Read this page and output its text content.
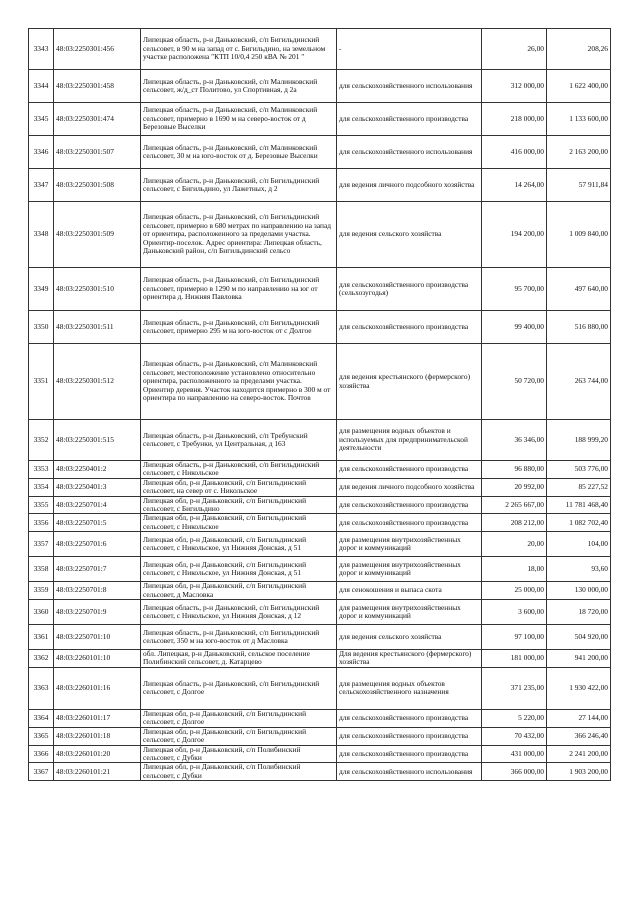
3343	48:03:2250301:456	Липецкая область, р-н Даньковский, с/п Бигильдинский сельсовет, в 90 м на запад от с. Бигильдино, на земельном участке расположена "КТП 10/0,4 250 кВА № 201 "	-	26,00	208,26
3344	48:03:2250301:458	Липецкая область, р-н Даньковский, с/п Малинковский сельсовет, ж/д_ст Политово, ул Спортивная, д 2а	для сельскохозяйственного использования	312 000,00	1 622 400,00
3345	48:03:2250301:474	Липецкая область, р-н Даньковский, с/п Малинковский сельсовет, примерно в 1690 м на северо-восток от д Березовые Выселки	для сельскохозяйственного производства	218 000,00	1 133 600,00
3346	48:03:2250301:507	Липецкая область, р-н Даньковский, с/п Малинковский сельсовет, 30 м на юго-восток от д. Березовые Выселки	для сельскохозяйственного использования	416 000,00	2 163 200,00
3347	48:03:2250301:508	Липецкая область, р-н Даньковский, с/п Бигильдинский сельсовет, с Бигильдино, ул Лажетных, д 2	для ведения личного подсобного хозяйства	14 264,00	57 911,84
3348	48:03:2250301:509	Липецкая область, р-н Даньковский, с/п Бигильдинский сельсовет, примерно в 680 метрах по направлению на запад от ориентира, расположенного за пределами участка. Ориентир-поселок. Адрес ориентира: Липецкая область, Даньковский район, с/п Бигильдинский сельсо	для ведения сельского хозяйства	194 200,00	1 009 840,00
3349	48:03:2250301:510	Липецкая область, р-н Даньковский, с/п Бигильдинский сельсовет, примерно в 1290 м по направлению на юг от ориентира д. Нижняя Павловка	для сельскохозяйственного производства (сельхозугодья)	95 700,00	497 640,00
3350	48:03:2250301:511	Липецкая область, р-н Даньковский, с/п Бигильдинский сельсовет, примерно 295 м на юго-восток от с Долгое	для сельскохозяйственного производства	99 400,00	516 880,00
3351	48:03:2250301:512	Липецкая область, р-н Даньковский, с/п Малинковский сельсовет, местоположение установлено относительно ориентира, расположенного за пределами участка. Ориентир деревня. Участок находится примерно в 300 м от ориентира по направлению на северо-восток. Почтов	для ведения крестьянского (фермерского) хозяйства	50 720,00	263 744,00
3352	48:03:2250301:515	Липецкая область, р-н Даньковский, с/п Требунский сельсовет, с Требунки, ул Центральная, д 163	для размещения водных объектов и используемых для предпринимательской деятельности	36 346,00	188 999,20
3353	48:03:2250401:2	Липецкая область, р-н Даньковский, с/п Бигильдинский сельсовет, с Никольское	для сельскохозяйственного производства	96 880,00	503 776,00
3354	48:03:2250401:3	Липецкая обл, р-н Даньковский, с/п Бигильдинский сельсовет, на север от с. Никольское	для ведения личного подсобного хозяйства	20 992,00	85 227,52
3355	48:03:2250701:4	Липецкая обл, р-н Даньковский, с/п Бигильдинский сельсовет, с Бигильдино	для сельскохозяйственного производства	2 265 667,00	11 781 468,40
3356	48:03:2250701:5	Липецкая обл, р-н Даньковский, с/п Бигильдинский сельсовет, с Никольское	для сельскохозяйственного производства	208 212,00	1 082 702,40
3357	48:03:2250701:6	Липецкая обл, р-н Даньковский, с/п Бигильдинский сельсовет, с Никольское, ул Нижняя Донская, д 51	для размещения внутрихозяйственных дорог и коммуникаций	20,00	104,00
3358	48:03:2250701:7	Липецкая обл, р-н Даньковский, с/п Бигильдинский сельсовет, с Никольское, ул Нижняя Донская, д 51	для размещения внутрихозяйственных дорог и коммуникаций	18,00	93,60
3359	48:03:2250701:8	Липецкая обл, р-н Даньковский, с/п Бигильдинский сельсовет, д Масловка	для сенокошения и выпаса скота	25 000,00	130 000,00
3360	48:03:2250701:9	Липецкая область, р-н Даньковский, с/п Бигильдинский сельсовет, с Никольское, ул Нижняя Донская, д 12	для размещения внутрихозяйственных дорог и коммуникаций	3 600,00	18 720,00
3361	48:03:2250701:10	Липецкая область, р-н Даньковский, с/п Бигильдинский сельсовет, 350 м на юго-восток от д Масловка	для ведения сельского хозяйства	97 100,00	504 920,00
3362	48:03:2260101:10	обл. Липецкая, р-н Даньковский, сельское поселение Полибинский сельсовет, д. Катарцево	Для ведения крестьянского (фермерского) хозяйства	181 000,00	941 200,00
3363	48:03:2260101:16	Липецкая область, р-н Даньковский, с/п Бигильдинский сельсовет, с Долгое	для размещения водных объектов сельскохозяйственного назначения	371 235,00	1 930 422,00
3364	48:03:2260101:17	Липецкая обл, р-н Даньковский, с/п Бигильдинский сельсовет, с Долгое	для сельскохозяйственного производства	5 220,00	27 144,00
3365	48:03:2260101:18	Липецкая обл, р-н Даньковский, с/п Бигильдинский сельсовет, с Долгое	для сельскохозяйственного производства	70 432,00	366 246,40
3366	48:03:2260101:20	Липецкая обл, р-н Даньковский, с/п Полибинский сельсовет, с Дубки	для сельскохозяйственного производства	431 000,00	2 241 200,00
3367	48:03:2260101:21	Липецкая обл, р-н Даньковский, с/п Полибинский сельсовет, с Дубки	для сельскохозяйственного использования	366 000,00	1 903 200,00
